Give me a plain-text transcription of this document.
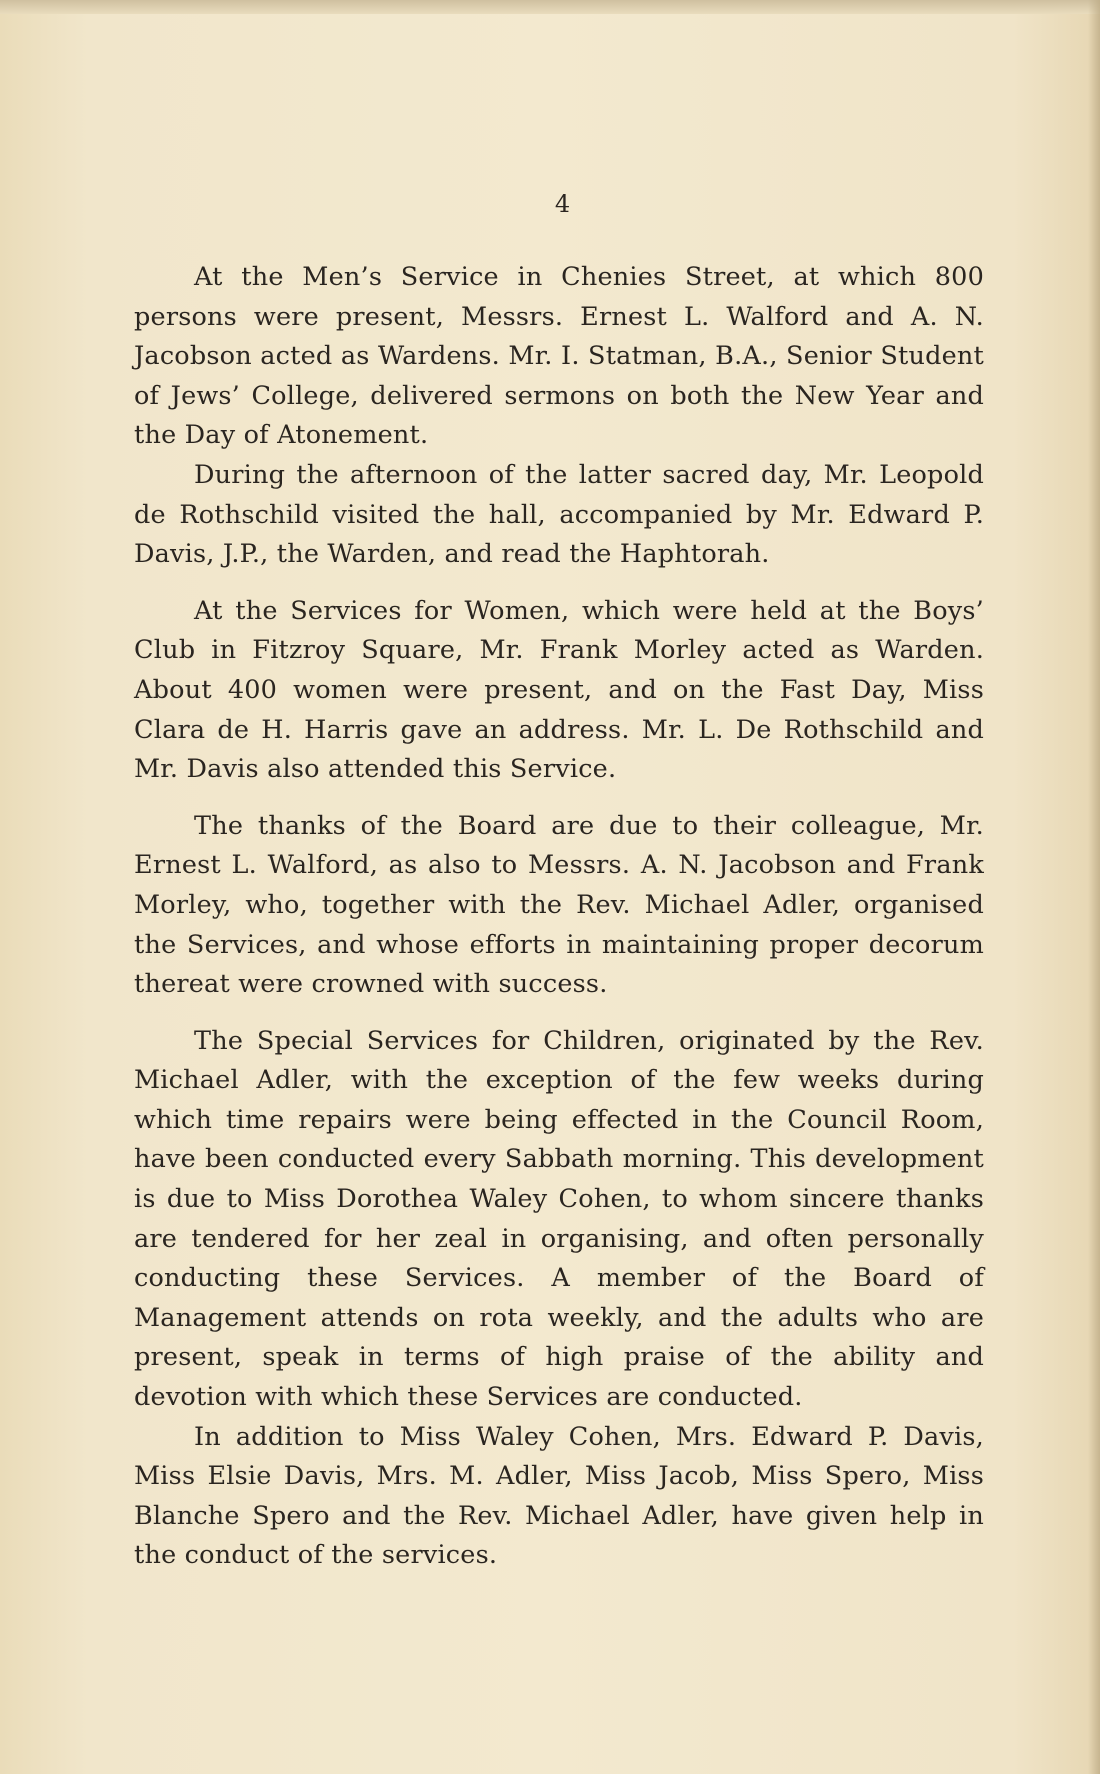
4

At the Men’s Service in Chenies Street, at which 800 persons were present, Messrs. Ernest L. Walford and A. N. Jacobson acted as Wardens. Mr. I. Statman, B.A., Senior Student of Jews’ College, delivered sermons on both the New Year and the Day of Atonement.

During the afternoon of the latter sacred day, Mr. Leopold de Rothschild visited the hall, accompanied by Mr. Edward P. Davis, J.P., the Warden, and read the Haphtorah.

At the Services for Women, which were held at the Boys’ Club in Fitzroy Square, Mr. Frank Morley acted as Warden. About 400 women were present, and on the Fast Day, Miss Clara de H. Harris gave an address. Mr. L. De Rothschild and Mr. Davis also attended this Service.

The thanks of the Board are due to their colleague, Mr. Ernest L. Walford, as also to Messrs. A. N. Jacobson and Frank Morley, who, together with the Rev. Michael Adler, organised the Services, and whose efforts in maintaining proper decorum thereat were crowned with success.

The Special Services for Children, originated by the Rev. Michael Adler, with the exception of the few weeks during which time repairs were being effected in the Council Room, have been conducted every Sabbath morning. This development is due to Miss Dorothea Waley Cohen, to whom sincere thanks are tendered for her zeal in organising, and often personally conducting these Services. A member of the Board of Management attends on rota weekly, and the adults who are present, speak in terms of high praise of the ability and devotion with which these Services are conducted.

In addition to Miss Waley Cohen, Mrs. Edward P. Davis, Miss Elsie Davis, Mrs. M. Adler, Miss Jacob, Miss Spero, Miss Blanche Spero and the Rev. Michael Adler, have given help in the conduct of the services.
